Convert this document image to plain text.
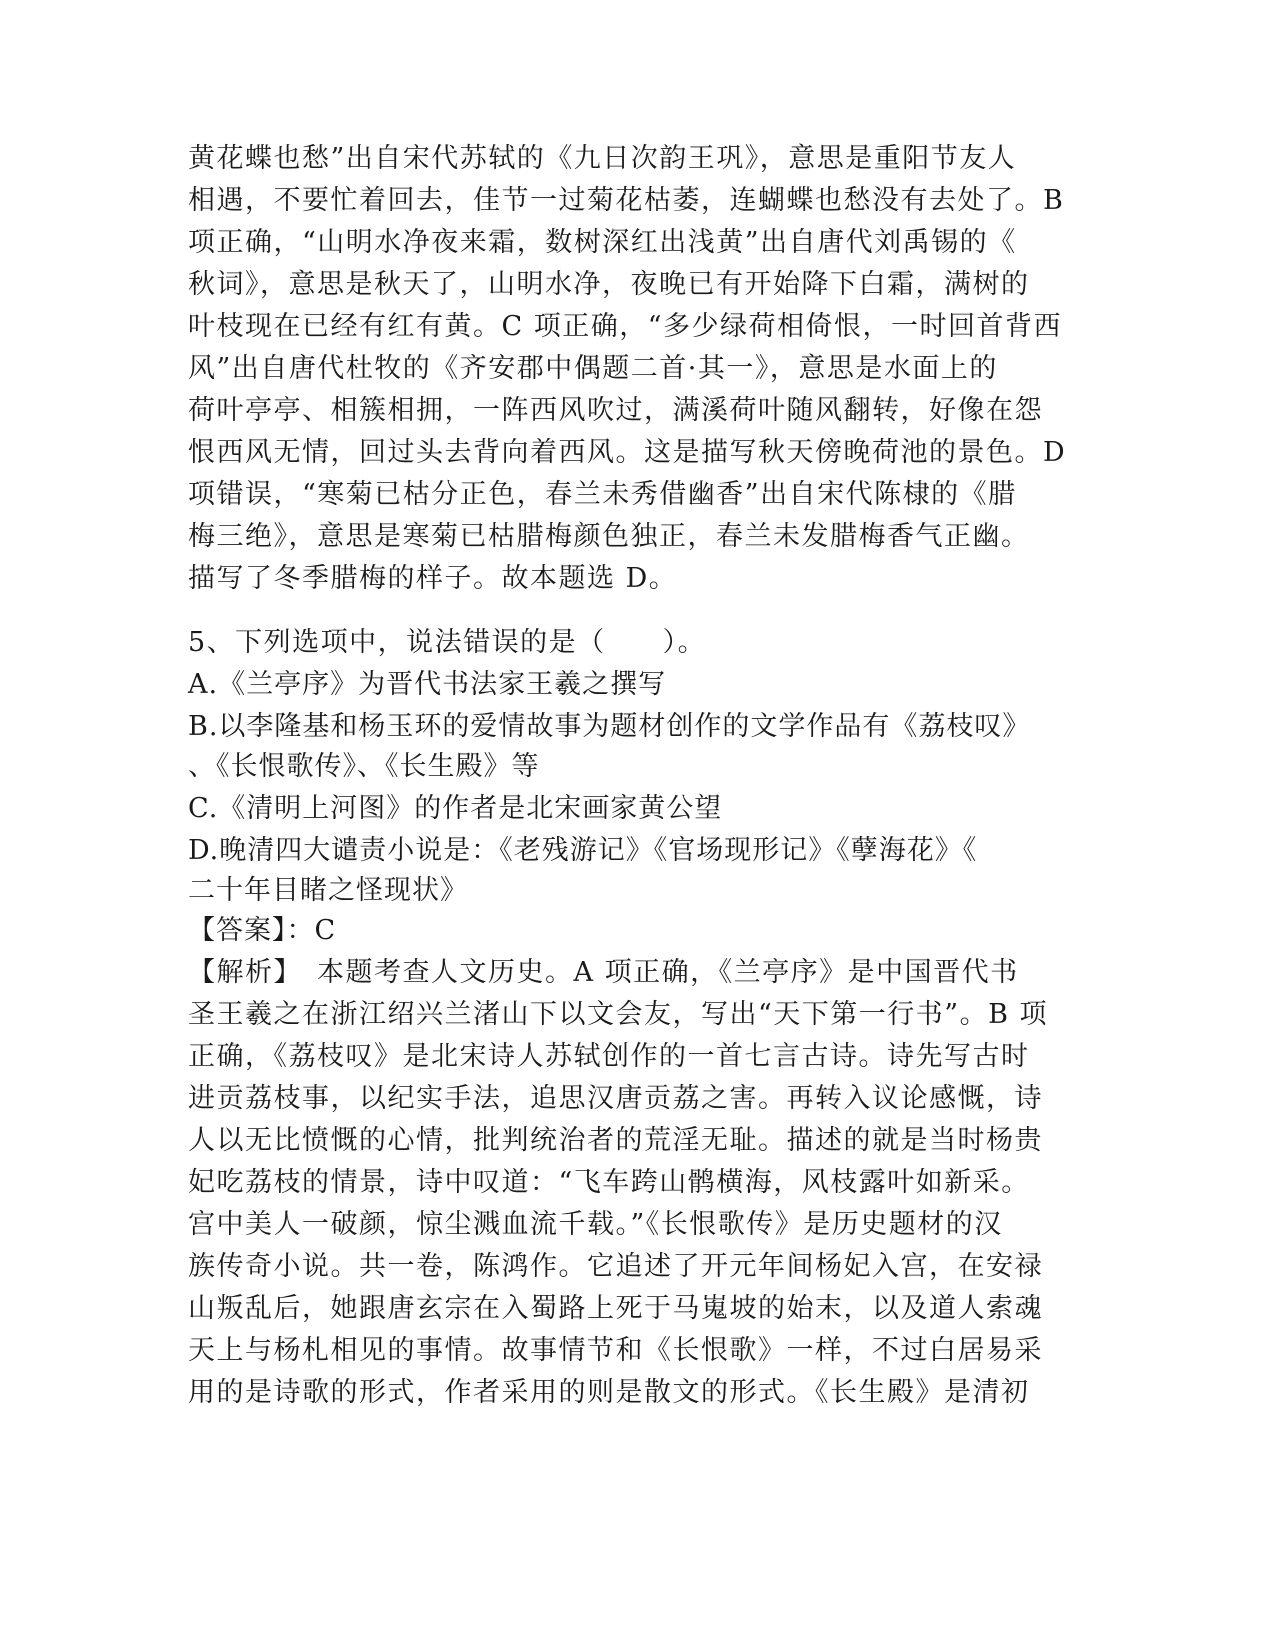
黄花蝶也愁”出自宋代苏轼的《九日次韵王巩》，意思是重阳节友人
相遇，不要忙着回去，佳节一过菊花枯萎，连蝴蝶也愁没有去处了。B
项正确，“山明水净夜来霜，数树深红出浅黄”出自唐代刘禹锡的《
秋词》，意思是秋天了，山明水净，夜晚已有开始降下白霜，满树的
叶枝现在已经有红有黄。C 项正确，“多少绿荷相倚恨，一时回首背西
风”出自唐代杜牧的《齐安郡中偶题二首·其一》，意思是水面上的
荷叶亭亭、相簇相拥，一阵西风吹过，满溪荷叶随风翻转，好像在怨
恨西风无情，回过头去背向着西风。这是描写秋天傍晚荷池的景色。D
项错误，“寒菊已枯分正色，春兰未秀借幽香”出自宋代陈棣的《腊
梅三绝》，意思是寒菊已枯腊梅颜色独正，春兰未发腊梅香气正幽。
描写了冬季腊梅的样子。故本题选 D。
5、下列选项中，说法错误的是（　　）。
A.《兰亭序》为晋代书法家王羲之撰写
B.以李隆基和杨玉环的爱情故事为题材创作的文学作品有《荔枝叹》
、《长恨歌传》、《长生殿》等
C.《清明上河图》的作者是北宋画家黄公望
D.晚清四大谴责小说是：《老残游记》《官场现形记》《孽海花》《
二十年目睹之怪现状》
【答案】：C
【解析】　本题考查人文历史。A 项正确，《兰亭序》是中国晋代书
圣王羲之在浙江绍兴兰渚山下以文会友，写出“天下第一行书”。B 项
正确，《荔枝叹》是北宋诗人苏轼创作的一首七言古诗。诗先写古时
进贡荔枝事，以纪实手法，追思汉唐贡荔之害。再转入议论感慨，诗
人以无比愤慨的心情，批判统治者的荒淫无耻。描述的就是当时杨贵
妃吃荔枝的情景，诗中叹道：“飞车跨山鹘横海，风枝露叶如新采。
宫中美人一破颜，惊尘溅血流千载。”《长恨歌传》是历史题材的汉
族传奇小说。共一卷，陈鸿作。它追述了开元年间杨妃入宫，在安禄
山叛乱后，她跟唐玄宗在入蜀路上死于马嵬坡的始末，以及道人索魂
天上与杨札相见的事情。故事情节和《长恨歌》一样，不过白居易采
用的是诗歌的形式，作者采用的则是散文的形式。《长生殿》是清初
